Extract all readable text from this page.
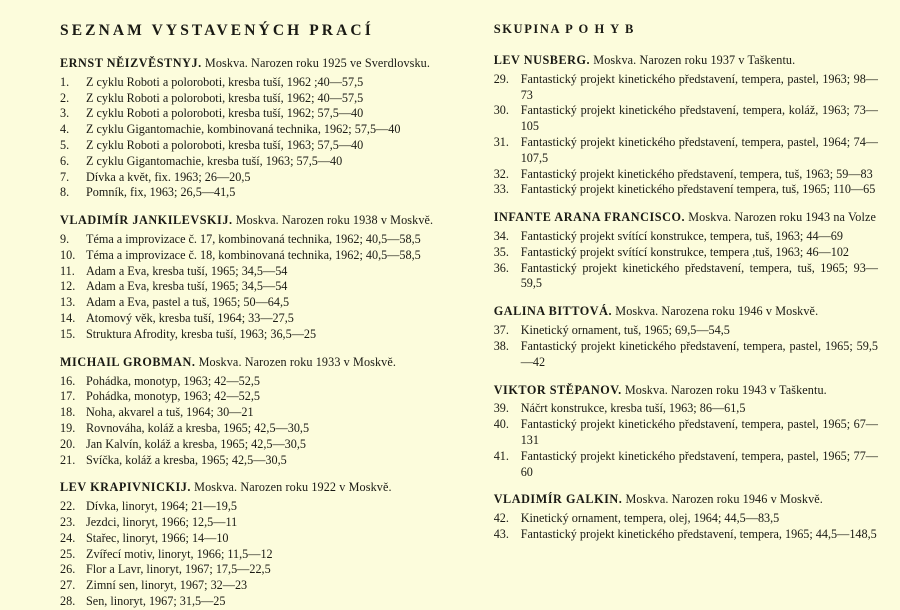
SEZNAM VYSTAVENÝCH PRACÍ

ERNST NĚIZVĚSTNYJ. Moskva. Narozen roku 1925 ve Sverdlovsku.

1.	Z cyklu Roboti a poloroboti, kresba tuší, 1962 ;40—57,5
2.	Z cyklu Roboti a poloroboti, kresba tuší, 1962; 40—57,5
3.	Z cyklu Roboti a poloroboti, kresba tuší, 1962; 57,5—40
4.	Z cyklu Gigantomachie, kombinovaná technika, 1962; 57,5—40
5.	Z cyklu Roboti a poloroboti, kresba tuší, 1963; 57,5—40
6.	Z cyklu Gigantomachie, kresba tuší, 1963; 57,5—40
7.	Dívka a květ, fix. 1963; 26—20,5
8.	Pomník, fix, 1963; 26,5—41,5

VLADIMÍR JANKILEVSKIJ. Moskva. Narozen roku 1938 v Moskvě.

9.	Téma a improvizace č. 17, kombinovaná technika, 1962; 40,5—58,5
10. Téma a improvizace č. 18, kombinovaná technika, 1962; 40,5—58,5
11. Adam a Eva, kresba tuší, 1965; 34,5—54
12. Adam a Eva, kresba tuší, 1965; 34,5—54
13. Adam a Eva, pastel a tuš, 1965; 50—64,5
14. Atomový věk, kresba tuší, 1964; 33—27,5
15. Struktura Afrodity, kresba tuší, 1963; 36,5—25

MICHAIL GROBMAN. Moskva. Narozen roku 1933 v Moskvě.

16. Pohádka, monotyp, 1963; 42—52,5
17. Pohádka, monotyp, 1963; 42—52,5
18. Noha, akvarel a tuš, 1964; 30—21
19. Rovnováha, koláž a kresba, 1965; 42,5—30,5
20. Jan Kalvín, koláž a kresba, 1965; 42,5—30,5
21. Svíčka, koláž a kresba, 1965; 42,5—30,5

LEV KRAPIVNICKIJ. Moskva. Narozen roku 1922 v Moskvě.

22. Dívka, linoryt, 1964; 21—19,5
23. Jezdci, linoryt, 1966; 12,5—11
24. Stařec, linoryt, 1966; 14—10
25. Zvířecí motiv, linoryt, 1966; 11,5—12
26. Flor a Lavr, linoryt, 1967; 17,5—22,5
27. Zimní sen, linoryt, 1967; 32—23
28. Sen, linoryt, 1967; 31,5—25
SKUPINA P O H Y B

LEV NUSBERG. Moskva. Narozen roku 1937 v Taškentu.

29. Fantastický projekt kinetického představení, tempera, pastel, 1963; 98—73
30. Fantastický projekt kinetického představení, tempera, koláž, 1963; 73—105
31. Fantastický projekt kinetického představení, tempera, pastel, 1964; 74—107,5
32. Fantastický projekt kinetického představení, tempera, tuš, 1963; 59—83
33. Fantastický projekt kinetického představení tempera, tuš, 1965; 110—65

INFANTE ARANA FRANCISCO. Moskva. Narozen roku 1943 na Volze

34. Fantastický projekt svítící konstrukce, tempera, tuš, 1963; 44—69
35. Fantastický projekt svítící konstrukce, tempera ,tuš, 1963; 46—102
36. Fantastický projekt kinetického představení, tempera, tuš, 1965; 93—59,5

GALINA BITTOVÁ. Moskva. Narozena roku 1946 v Moskvě.

37. Kinetický ornament, tuš, 1965; 69,5—54,5
38. Fantastický projekt kinetického představení, tempera, pastel, 1965; 59,5—42

VIKTOR STĚPANOV. Moskva. Narozen roku 1943 v Taškentu.

39. Náčrt konstrukce, kresba tuší, 1963; 86—61,5
40. Fantastický projekt kinetického představení, tempera, pastel, 1965; 67—131
41. Fantastický projekt kinetického představení, tempera, pastel, 1965; 77—60

VLADIMÍR GALKIN. Moskva. Narozen roku 1946 v Moskvě.

42. Kinetický ornament, tempera, olej, 1964; 44,5—83,5
43. Fantastický projekt kinetického představení, tempera, 1965; 44,5—148,5
